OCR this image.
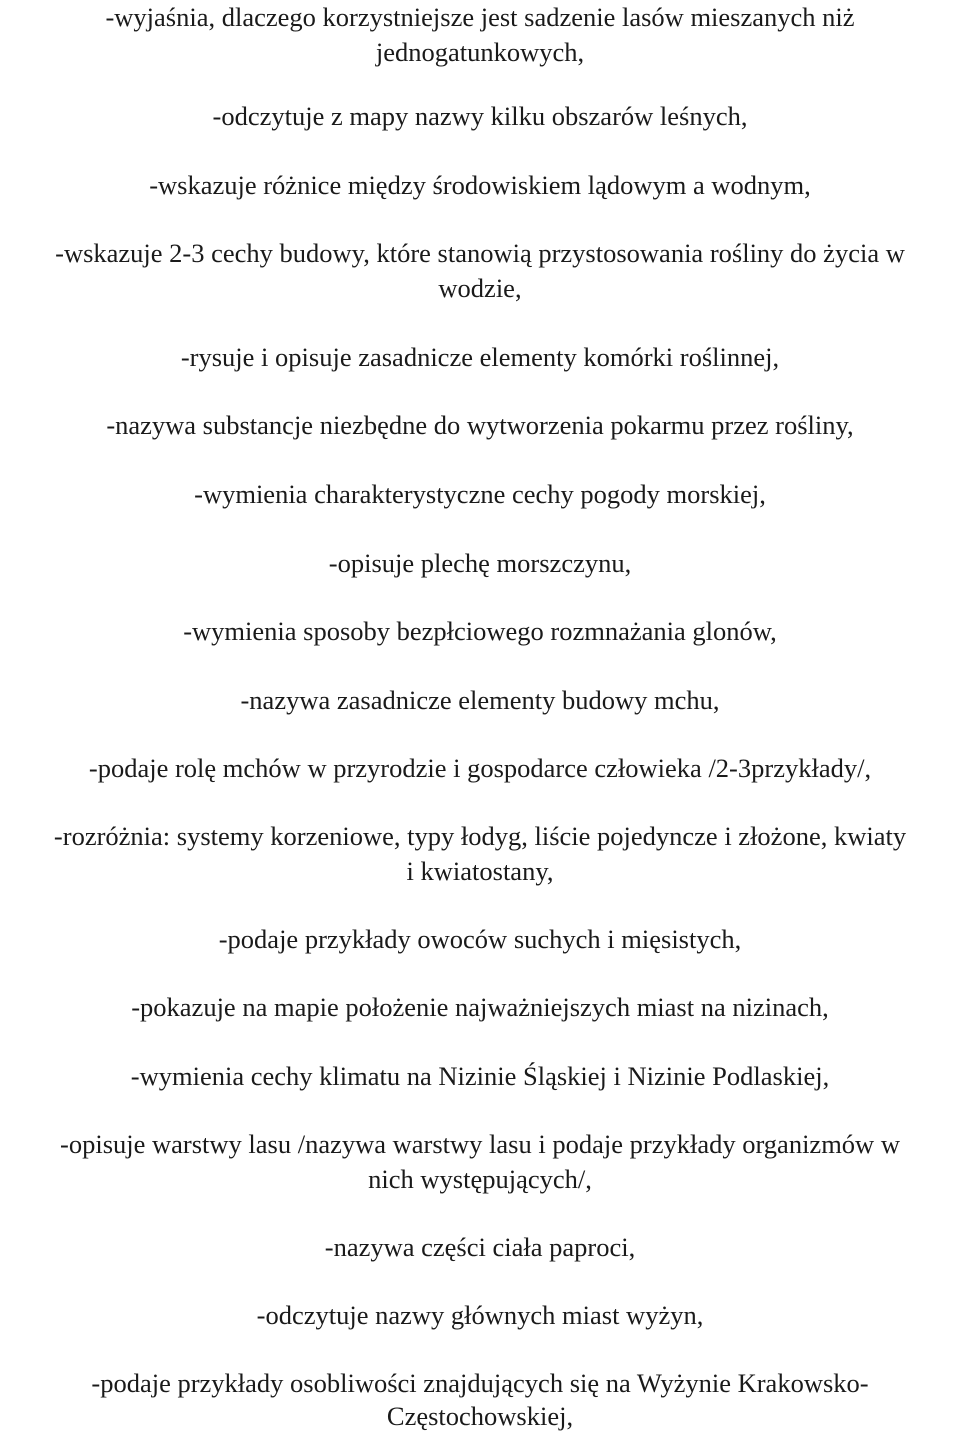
-wyjaśnia, dlaczego korzystniejsze jest sadzenie lasów mieszanych niż

jednogatunkowych,

-odczytuje z mapy nazwy kilku obszarów leśnych,

-wskazuje różnice między środowiskiem lądowym a wodnym,

-wskazuje 2-3 cechy budowy, które stanowią przystosowania rośliny do życia w

wodzie,

-rysuje i opisuje zasadnicze elementy komórki roślinnej,

-nazywa substancje niezbędne do wytworzenia pokarmu przez rośliny,

-wymienia charakterystyczne cechy pogody morskiej,

-opisuje plechę morszczynu,

-wymienia sposoby bezpłciowego rozmnażania glonów,

-nazywa zasadnicze elementy budowy mchu,

-podaje rolę mchów w przyrodzie i gospodarce człowieka /2-3przykłady/,

-rozróżnia: systemy korzeniowe, typy łodyg, liście pojedyncze i złożone, kwiaty

i kwiatostany,

-podaje przykłady owoców suchych i mięsistych,

-pokazuje na mapie położenie najważniejszych miast na nizinach,

-wymienia cechy klimatu na Nizinie Śląskiej i Nizinie Podlaskiej,

-opisuje warstwy lasu /nazywa warstwy lasu i podaje przykłady organizmów w

nich występujących/,

-nazywa części ciała paproci,

-odczytuje nazwy głównych miast wyżyn,

-podaje przykłady osobliwości znajdujących się na Wyżynie Krakowsko-

Częstochowskiej,
